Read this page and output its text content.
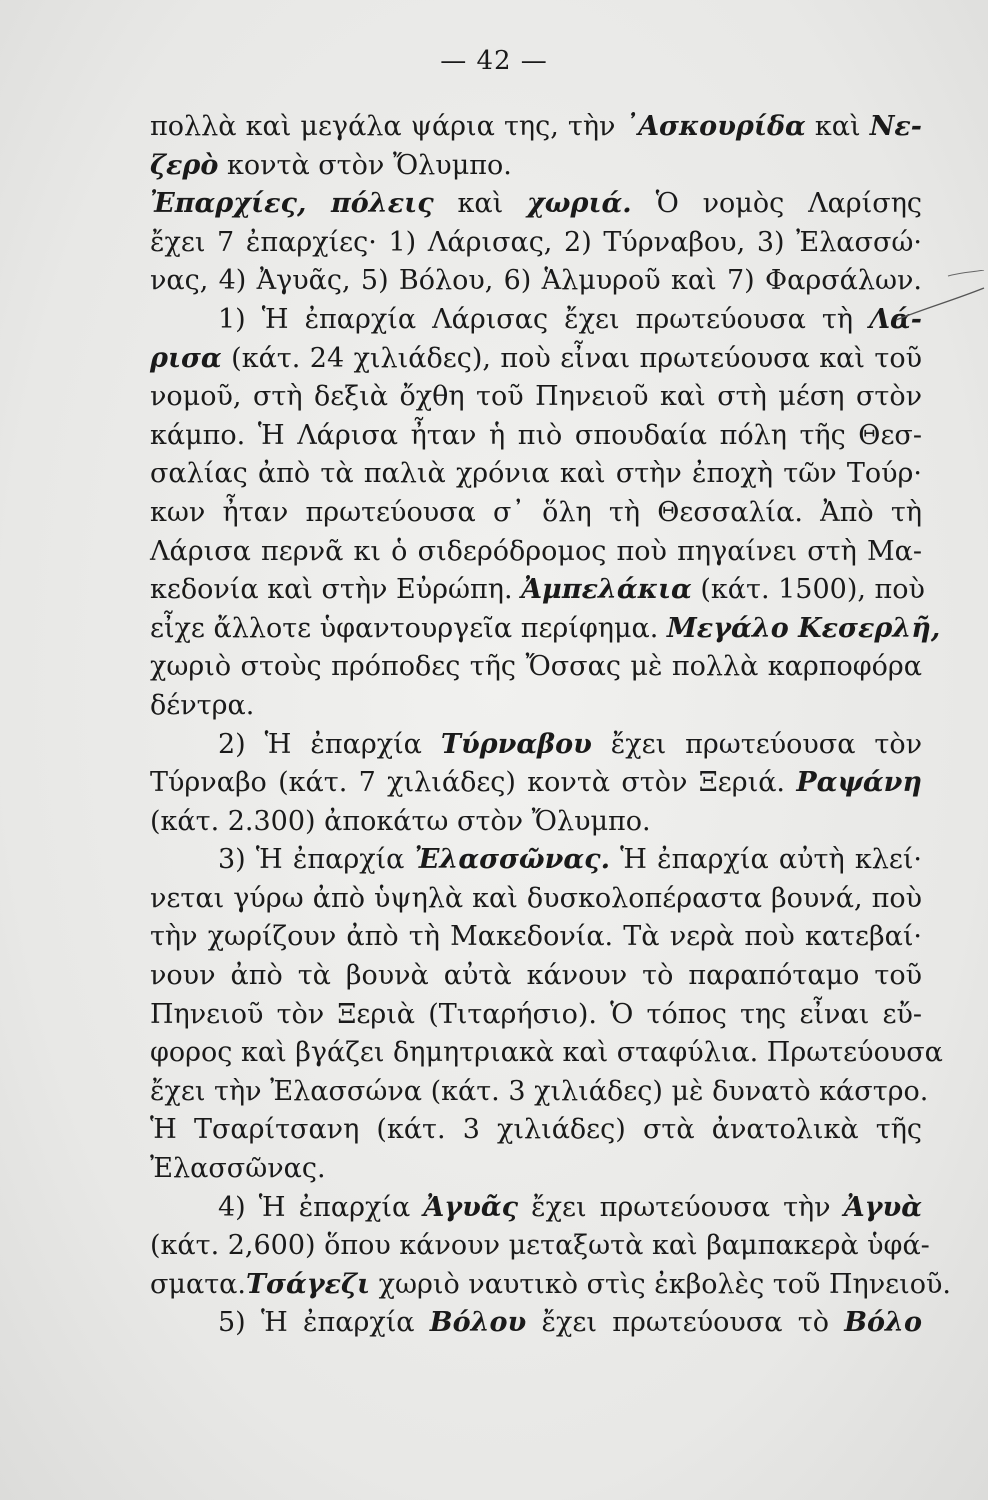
— 42 —
πολλὰ καὶ μεγάλα ψάρια της, τὴν ᾽Ασκουρίδα καὶ Νε-
ζερὸ κοντὰ στὸν Ὄλυμπο.
Ἐπαρχίες, πόλεις καὶ χωριά. Ὁ νομὸς Λαρίσης
ἔχει 7 ἐπαρχίες· 1) Λάρισας, 2) Τύρναβου, 3) Ἐλασσώ·
νας, 4) Ἀγυᾶς, 5) Βόλου, 6) Ἁλμυροῦ καὶ 7) Φαρσάλων.
1) Ἡ ἐπαρχία Λάρισας ἔχει πρωτεύουσα τὴ Λά-
ρισα (κάτ. 24 χιλιάδες), ποὺ εἶναι πρωτεύουσα καὶ τοῦ
νομοῦ, στὴ δεξιὰ ὄχθη τοῦ Πηνειοῦ καὶ στὴ μέση στὸν
κάμπο. Ἡ Λάρισα ἦταν ἡ πιὸ σπουδαία πόλη τῆς Θεσ-
σαλίας ἀπὸ τὰ παλιὰ χρόνια καὶ στὴν ἐποχὴ τῶν Τούρ·
κων ἦταν πρωτεύουσα σ᾽ ὅλη τὴ Θεσσαλία. Ἀπὸ τὴ
Λάρισα περνᾶ κι ὁ σιδερόδρομος ποὺ πηγαίνει στὴ Μα-
κεδονία καὶ στὴν Εὐρώπη. Ἀμπελάκια (κάτ. 1500), ποὺ
εἶχε ἄλλοτε ὑφαντουργεῖα περίφημα. Μεγάλο Κεσερλῆ,
χωριὸ στοὺς πρόποδες τῆς Ὄσσας μὲ πολλὰ καρποφόρα
δέντρα.
2) Ἡ ἐπαρχία Τύρναβου ἔχει πρωτεύουσα τὸν
Τύρναβο (κάτ. 7 χιλιάδες) κοντὰ στὸν Ξεριά. Ραψάνη
(κάτ. 2.300) ἀποκάτω στὸν Ὄλυμπο.
3) Ἡ ἐπαρχία Ἐλασσῶνας. Ἡ ἐπαρχία αὐτὴ κλεί·
νεται γύρω ἀπὸ ὑψηλὰ καὶ δυσκολοπέραστα βουνά, ποὺ
τὴν χωρίζουν ἀπὸ τὴ Μακεδονία. Τὰ νερὰ ποὺ κατεβαί·
νουν ἀπὸ τὰ βουνὰ αὐτὰ κάνουν τὸ παραπόταμο τοῦ
Πηνειοῦ τὸν Ξεριὰ (Τιταρήσιο). Ὁ τόπος της εἶναι εὔ-
φορος καὶ βγάζει δημητριακὰ καὶ σταφύλια. Πρωτεύουσα
ἔχει τὴν Ἐλασσώνα (κάτ. 3 χιλιάδες) μὲ δυνατὸ κάστρο.
Ἡ Τσαρίτσανη (κάτ. 3 χιλιάδες) στὰ ἀνατολικὰ τῆς
Ἐλασσῶνας.
4) Ἡ ἐπαρχία Ἀγυᾶς ἔχει πρωτεύουσα τὴν Ἀγυὰ
(κάτ. 2,600) ὅπου κάνουν μεταξωτὰ καὶ βαμπακερὰ ὑφά-
σματα.Τσάγεζι χωριὸ ναυτικὸ στὶς ἐκβολὲς τοῦ Πηνειοῦ.
5) Ἡ ἐπαρχία Βόλου ἔχει πρωτεύουσα τὸ Βόλο
